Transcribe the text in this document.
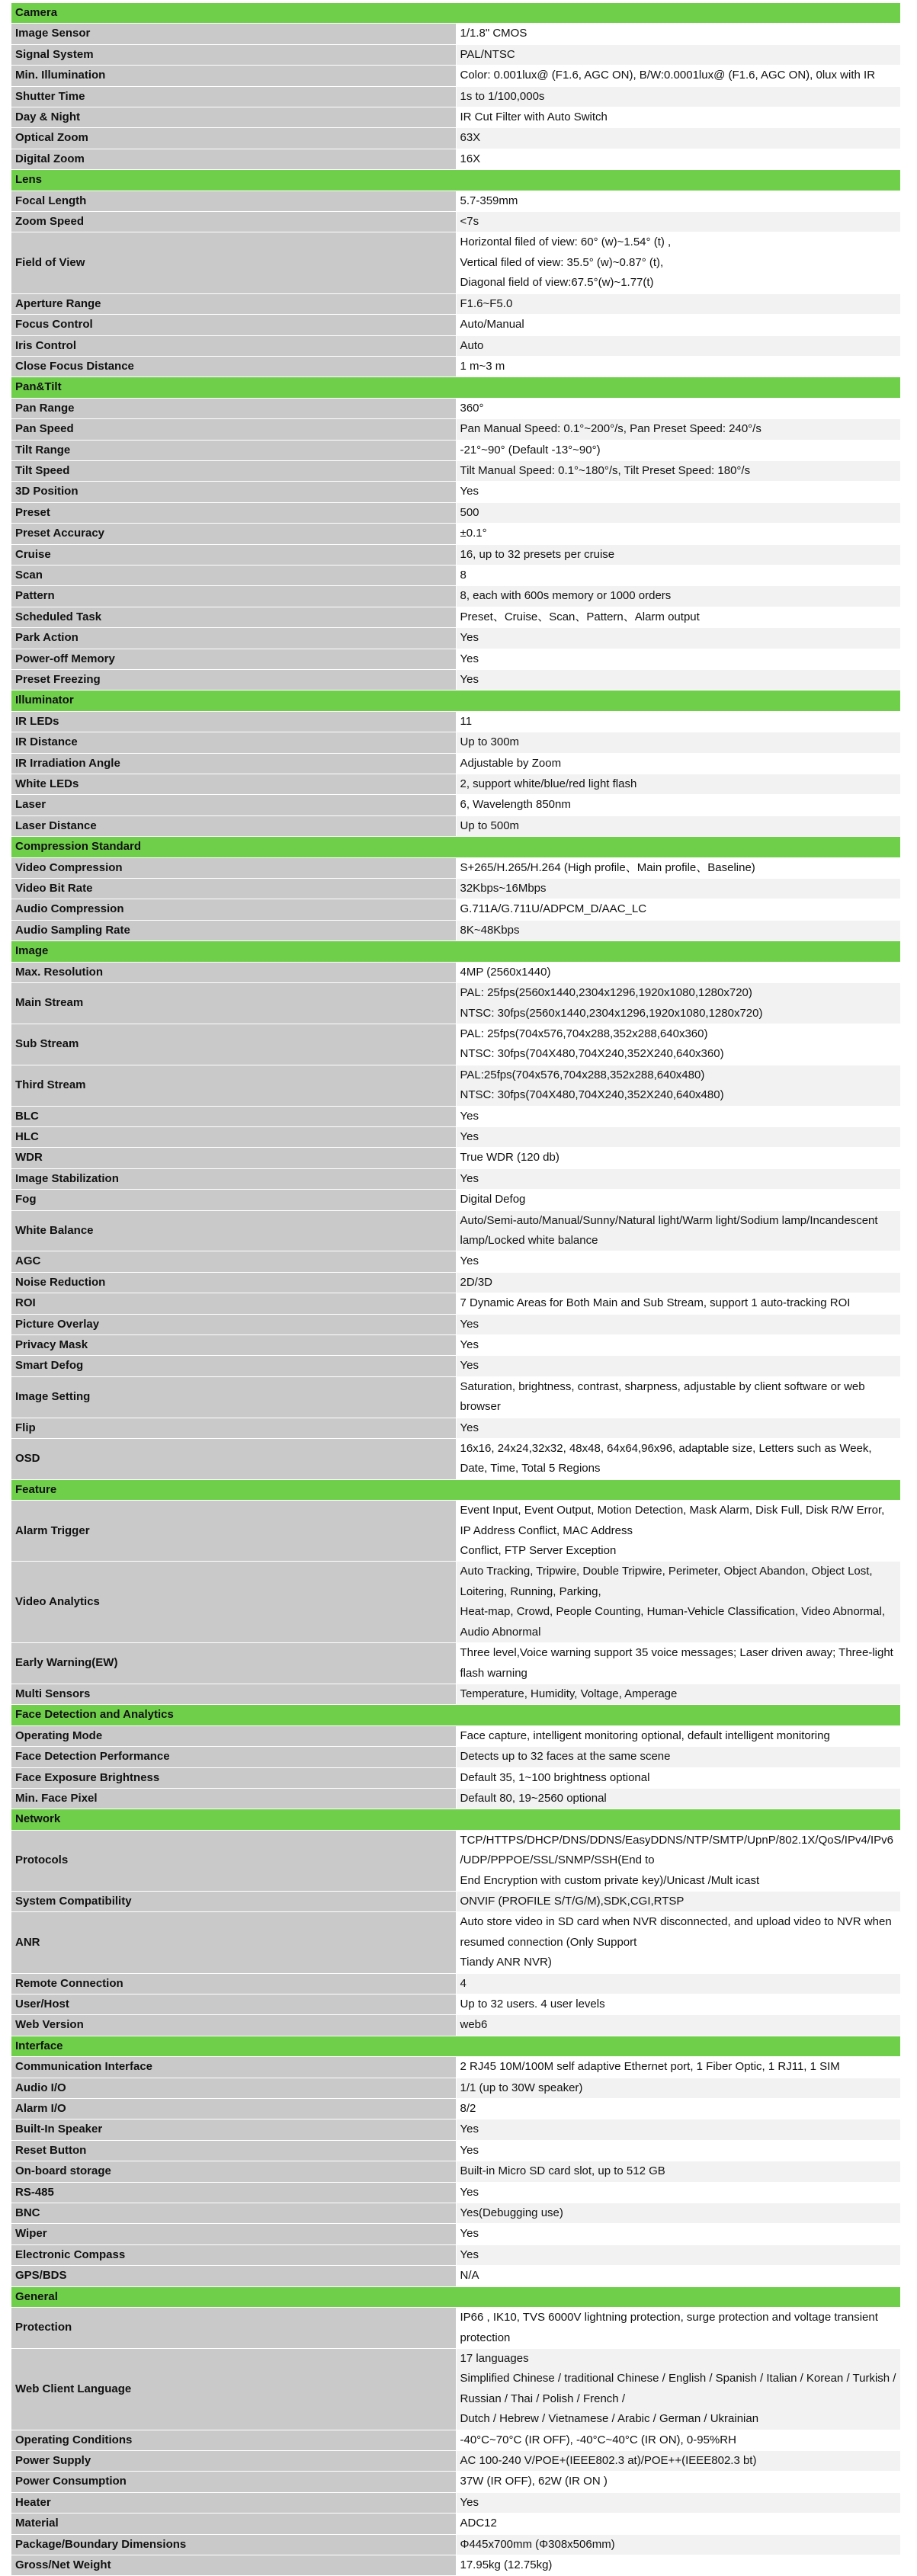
Camera	
Image Sensor	1/1.8" CMOS

Signal System	PAL/NTSC

Min. Illumination	Color: 0.001lux@ (F1.6, AGC ON), B/W:0.0001lux@ (F1.6, AGC ON), 0lux with IR

Shutter Time	1s to 1/100,000s

Day & Night	IR Cut Filter with Auto Switch

Optical Zoom	63X

Digital Zoom	16X

Lens	
Focal Length	5.7-359mm

Zoom Speed	<7s

Field of View	Horizontal filed of view: 60° (w)~1.54° (t) ,
Vertical filed of view: 35.5° (w)~0.87° (t),
Diagonal field of view:67.5°(w)~1.77(t)

Aperture Range	F1.6~F5.0

Focus Control	Auto/Manual

Iris Control	Auto

Close Focus Distance	1 m~3 m

Pan&Tilt	
Pan Range	360°

Pan Speed	Pan Manual Speed: 0.1°~200°/s, Pan Preset Speed: 240°/s

Tilt Range	-21°~90° (Default -13°~90°)

Tilt Speed	Tilt Manual Speed: 0.1°~180°/s, Tilt Preset Speed: 180°/s

3D Position	Yes

Preset	500

Preset Accuracy	±0.1°

Cruise	16, up to 32 presets per cruise

Scan	8

Pattern	8, each with 600s memory or 1000 orders

Scheduled Task	Preset、Cruise、Scan、Pattern、Alarm output

Park Action	Yes

Power-off Memory	Yes

Preset Freezing	Yes

Illuminator	
IR LEDs	11

IR Distance	Up to 300m

IR Irradiation Angle	Adjustable by Zoom

White LEDs	2, support white/blue/red light flash

Laser	6, Wavelength 850nm

Laser Distance	Up to 500m

Compression Standard	
Video Compression	S+265/H.265/H.264 (High profile、Main profile、Baseline)

Video Bit Rate	32Kbps~16Mbps

Audio Compression	G.711A/G.711U/ADPCM_D/AAC_LC

Audio Sampling Rate	8K~48Kbps

Image	
Max. Resolution	4MP (2560x1440)

Main Stream	PAL: 25fps(2560x1440,2304x1296,1920x1080,1280x720)
NTSC: 30fps(2560x1440,2304x1296,1920x1080,1280x720)

Sub Stream	PAL: 25fps(704x576,704x288,352x288,640x360)
NTSC: 30fps(704X480,704X240,352X240,640x360)

Third Stream	PAL:25fps(704x576,704x288,352x288,640x480)
NTSC: 30fps(704X480,704X240,352X240,640x480)

BLC	Yes

HLC	Yes

WDR	True WDR (120 db)

Image Stabilization	Yes

Fog	Digital Defog

White Balance	Auto/Semi-auto/Manual/Sunny/Natural light/Warm light/Sodium lamp/Incandescent lamp/Locked white balance

AGC	Yes

Noise Reduction	2D/3D

ROI	7 Dynamic Areas for Both Main and Sub Stream, support 1 auto-tracking ROI

Picture Overlay	Yes

Privacy Mask	Yes

Smart Defog	Yes

Image Setting	Saturation, brightness, contrast, sharpness, adjustable by client software or web browser

Flip	Yes

OSD	16x16, 24x24,32x32, 48x48, 64x64,96x96, adaptable size, Letters such as Week, Date, Time, Total 5 Regions

Feature	
Alarm Trigger	Event Input, Event Output, Motion Detection, Mask Alarm, Disk Full, Disk R/W Error, IP Address Conflict, MAC Address
Conflict, FTP Server Exception

Video Analytics	Auto Tracking, Tripwire, Double Tripwire, Perimeter, Object Abandon, Object Lost, Loitering, Running, Parking,
Heat-map, Crowd, People Counting, Human-Vehicle Classification, Video Abnormal, Audio Abnormal

Early Warning(EW)	Three level,Voice warning support 35 voice messages; Laser driven away; Three-light flash warning

Multi Sensors	Temperature, Humidity, Voltage, Amperage

Face Detection and Analytics	
Operating Mode	Face capture, intelligent monitoring optional, default intelligent monitoring

Face Detection Performance	Detects up to 32 faces at the same scene

Face Exposure Brightness	Default 35, 1~100 brightness optional

Min. Face Pixel	Default 80, 19~2560 optional

Network	
Protocols	TCP/HTTPS/DHCP/DNS/DDNS/EasyDDNS/NTP/SMTP/UpnP/802.1X/QoS/IPv4/IPv6/UDP/PPPOE/SSL/SNMP/SSH(End to
End Encryption with custom private key)/Unicast /Mult icast

System Compatibility	ONVIF (PROFILE S/T/G/M),SDK,CGI,RTSP

ANR	Auto store video in SD card when NVR disconnected, and upload video to NVR when resumed connection (Only Support
Tiandy ANR NVR)

Remote Connection	4

User/Host	Up to 32 users. 4 user levels

Web Version	web6

Interface	
Communication Interface	2 RJ45 10M/100M self adaptive Ethernet port, 1 Fiber Optic, 1 RJ11, 1 SIM

Audio I/O	1/1 (up to 30W speaker)

Alarm I/O	8/2

Built-In Speaker	Yes

Reset Button	Yes

On-board storage	Built-in Micro SD card slot, up to 512 GB

RS-485	Yes

BNC	Yes(Debugging use)

Wiper	Yes

Electronic Compass	Yes

GPS/BDS	N/A

General	
Protection	IP66 , IK10, TVS 6000V lightning protection, surge protection and voltage transient protection

Web Client Language	17 languages
Simplified Chinese / traditional Chinese / English / Spanish / Italian / Korean / Turkish / Russian / Thai / Polish / French /
Dutch / Hebrew / Vietnamese / Arabic / German / Ukrainian

Operating Conditions	-40°C~70°C (IR OFF), -40°C~40°C (IR ON), 0-95%RH

Power Supply	AC 100-240 V/POE+(IEEE802.3 at)/POE++(IEEE802.3 bt)

Power Consumption	37W (IR OFF), 62W (IR ON )

Heater	Yes

Material	ADC12

Package/Boundary Dimensions	Φ445x700mm (Φ308x506mm)

Gross/Net Weight	17.95kg (12.75kg)
